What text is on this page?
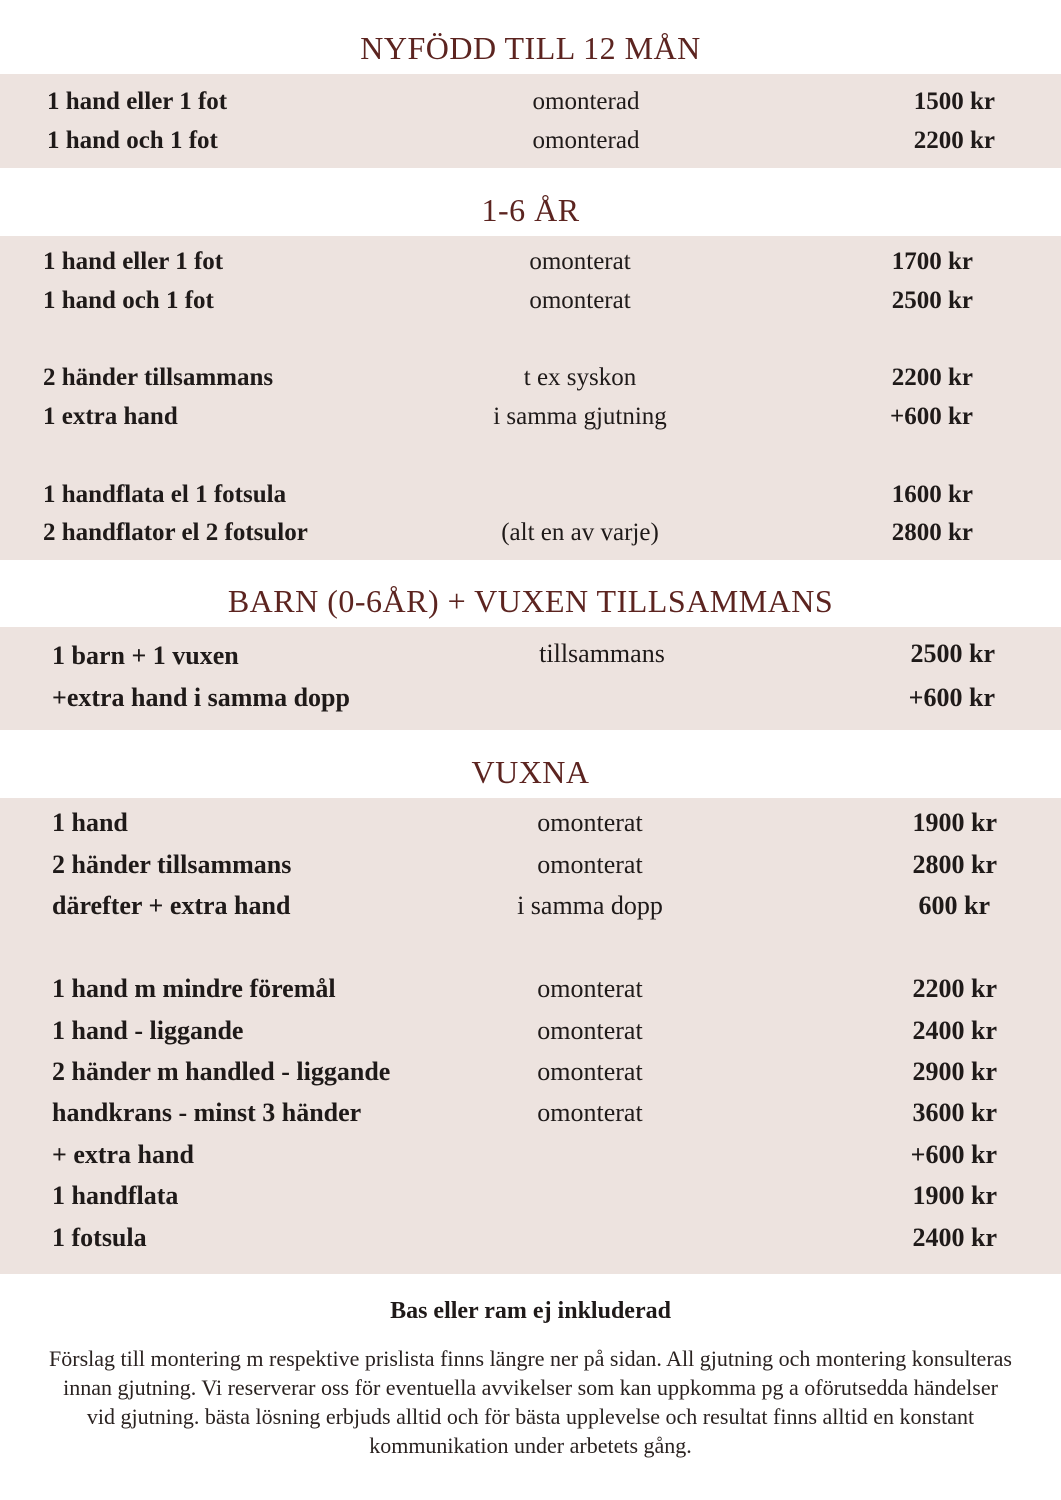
NYFÖDD TILL 12 MÅN
1 hand eller 1 fot	omonterad	1500 kr
1 hand och 1 fot	omonterad	2200 kr
1-6 ÅR
1 hand eller 1 fot	omonterat	1700 kr
1 hand och 1 fot	omonterat	2500 kr
2 händer tillsammans	t ex syskon	2200 kr
1 extra hand	i samma gjutning	+600 kr
1 handflata el 1 fotsula	1600 kr
2 handflator el 2 fotsulor	(alt en av varje)	2800 kr
BARN (0-6ÅR) + VUXEN TILLSAMMANS
1 barn + 1 vuxen	tillsammans	2500 kr
+extra hand i samma dopp	+600 kr
VUXNA
1 hand	omonterat	1900 kr
2 händer tillsammans	omonterat	2800 kr
därefter + extra hand	i samma dopp	600 kr
1 hand m mindre föremål	omonterat	2200 kr
1 hand - liggande	omonterat	2400 kr
2 händer m handled - liggande	omonterat	2900 kr
handkrans - minst 3 händer	omonterat	3600 kr
+ extra hand	+600 kr
1 handflata	1900 kr
1 fotsula	2400 kr
Bas eller ram ej inkluderad
Förslag till montering m respektive prislista finns längre ner på sidan. All gjutning och montering konsulteras innan gjutning. Vi reserverar oss för eventuella avvikelser som kan uppkomma pg a oförutsedda händelser vid gjutning. bästa lösning erbjuds alltid och för bästa upplevelse och resultat finns alltid en konstant kommunikation under arbetets gång.
